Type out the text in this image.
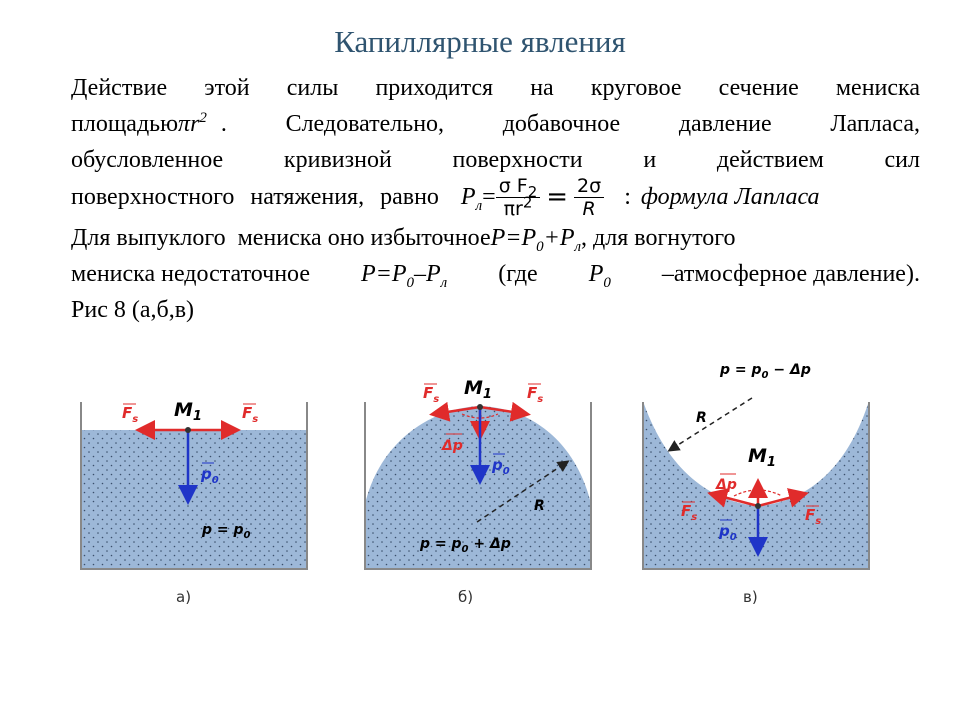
Капиллярные явления
Действие этой силы приходится на круговое сечение мениска
площадью $\pi r^2$ . Следовательно, добавочное давление Лапласа,
обусловленное кривизной поверхности и действием сил
поверхностного натяжения, равно $P_л = \frac{\sigma F_2}{\pi r^2} = \frac{2\sigma}{R}$ : формула Лапласа
Для выпуклого  мениска оно избыточное $P=P_0+P_л$ , для вогнутого
мениска недостаточное $P=P_0-P_л$ (где $P_0$ –атмосферное давление).
Рис 8 (а,б,в)
$M_1$
$F_s$	$F_s$
$p_0$
$p = p_0$
$M_1$
$F_s$	$F_s$
Δp
$p_0$
R
$p = p_0 + \Delta p$
$p = p_0 - \Delta p$
R
$M_1$
Δp
$F_s$	$F_s$
$p_0$
а)	б)	в)
